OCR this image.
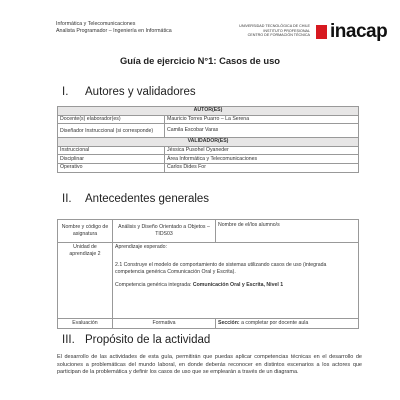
Informática y Telecomunicaciones
Analista Programador – Ingeniería en Informática
UNIVERSIDAD TECNOLÓGICA DE CHILE
INSTITUTO PROFESIONAL
CENTRO DE FORMACIÓN TÉCNICA inacap
Guía de ejercicio N°1: Casos de uso
I. Autores y validadores
AUTOR(ES)	
Docente(s) elaborador(es)	Mauricio Torres Puarro – La Serena
Diseñador Instruccional (si corresponde)	Camila Escobar Varas
VALIDADOR(ES)	
Instruccional	Jéssica Pusohel Oyaneder
Disciplinar	Área Informática y Telecomunicaciones
Operativo	Carlos Dides For
II. Antecedentes generales
Nombre y código de asignatura	Análisis y Diseño Orientado a Objetos – TIDS03	Nombre de el/los alumno/s
Unidad de aprendizaje 2	Aprendizaje esperado:
2.1 Construye el modelo de comportamiento de sistemas utilizando casos de uso (integrada competencia genérica Comunicación Oral y Escrita).
Competencia genérica integrada: Comunicación Oral y Escrita, Nivel 1	

Evaluación	Formativa	Sección: a completar por docente aula
III. Propósito de la actividad
El desarrollo de las actividades de esta guía, permitirán que puedas aplicar competencias técnicas en el desarrollo de soluciones a problemáticas del mundo laboral, en donde deberás reconocer en distintos escenarios a los actores que participan de la problemática y definir los casos de uso que se emplearán a través de un diagrama.
